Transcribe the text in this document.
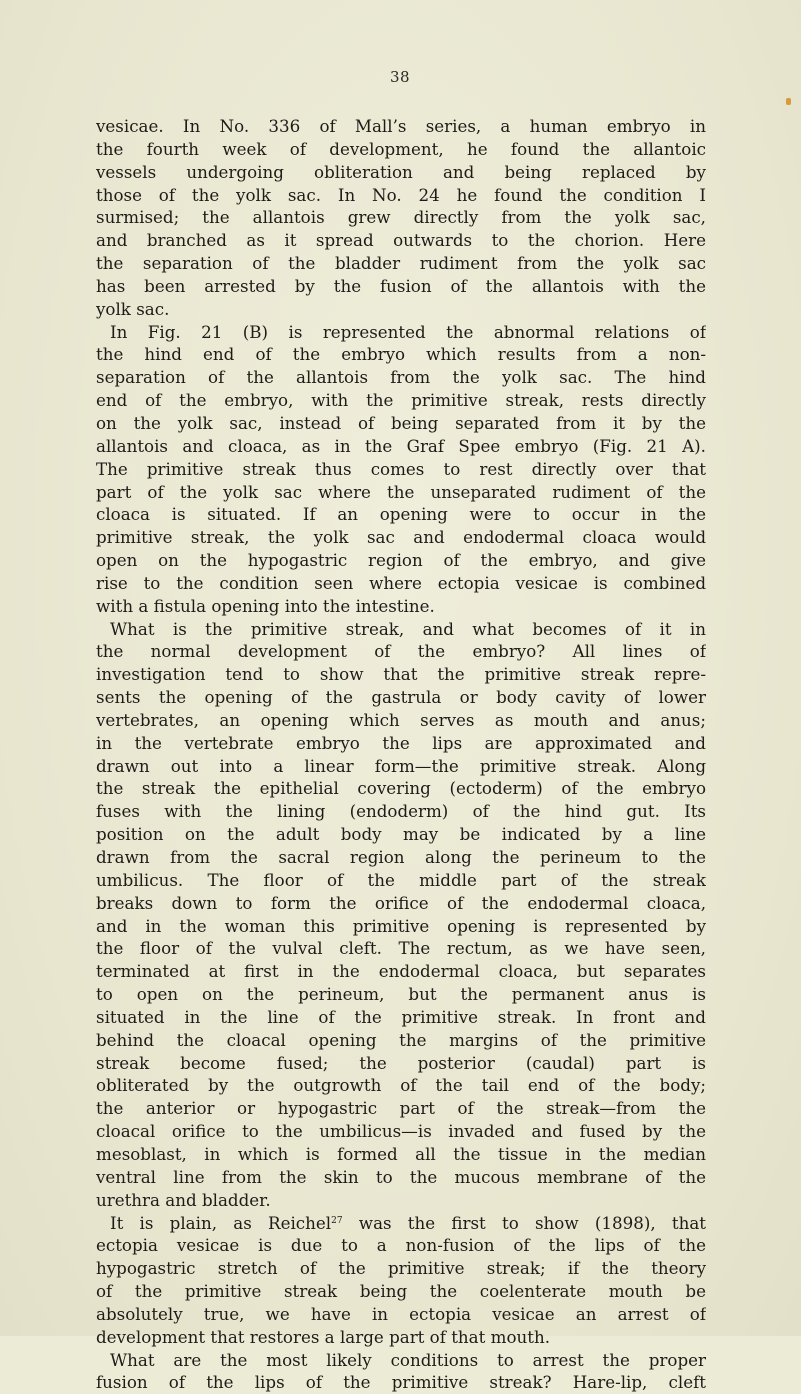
38
vesicae. In No. 336 of Mall’s series, a human embryo in
the fourth week of development, he found the allantoic
vessels undergoing obliteration and being replaced by
those of the yolk sac. In No. 24 he found the condition I
surmised; the allantois grew directly from the yolk sac,
and branched as it spread outwards to the chorion. Here
the separation of the bladder rudiment from the yolk sac
has been arrested by the fusion of the allantois with the
yolk sac.
In Fig. 21 (B) is represented the abnormal relations of
the hind end of the embryo which results from a non-
separation of the allantois from the yolk sac. The hind
end of the embryo, with the primitive streak, rests directly
on the yolk sac, instead of being separated from it by the
allantois and cloaca, as in the Graf Spee embryo (Fig. 21 A).
The primitive streak thus comes to rest directly over that
part of the yolk sac where the unseparated rudiment of the
cloaca is situated. If an opening were to occur in the
primitive streak, the yolk sac and endodermal cloaca would
open on the hypogastric region of the embryo, and give
rise to the condition seen where ectopia vesicae is combined
with a fistula opening into the intestine.
What is the primitive streak, and what becomes of it in
the normal development of the embryo? All lines of
investigation tend to show that the primitive streak repre-
sents the opening of the gastrula or body cavity of lower
vertebrates, an opening which serves as mouth and anus;
in the vertebrate embryo the lips are approximated and
drawn out into a linear form—the primitive streak. Along
the streak the epithelial covering (ectoderm) of the embryo
fuses with the lining (endoderm) of the hind gut. Its
position on the adult body may be indicated by a line
drawn from the sacral region along the perineum to the
umbilicus. The floor of the middle part of the streak
breaks down to form the orifice of the endodermal cloaca,
and in the woman this primitive opening is represented by
the floor of the vulval cleft. The rectum, as we have seen,
terminated at first in the endodermal cloaca, but separates
to open on the perineum, but the permanent anus is
situated in the line of the primitive streak. In front and
behind the cloacal opening the margins of the primitive
streak become fused; the posterior (caudal) part is
obliterated by the outgrowth of the tail end of the body;
the anterior or hypogastric part of the streak—from the
cloacal orifice to the umbilicus—is invaded and fused by the
mesoblast, in which is formed all the tissue in the median
ventral line from the skin to the mucous membrane of the
urethra and bladder.
It is plain, as Reichel$^{27}$ was the first to show (1898), that
ectopia vesicae is due to a non-fusion of the lips of the
hypogastric stretch of the primitive streak; if the theory
of the primitive streak being the coelenterate mouth be
absolutely true, we have in ectopia vesicae an arrest of
development that restores a large part of that mouth.
What are the most likely conditions to arrest the proper
fusion of the lips of the primitive streak? Hare-lip, cleft
